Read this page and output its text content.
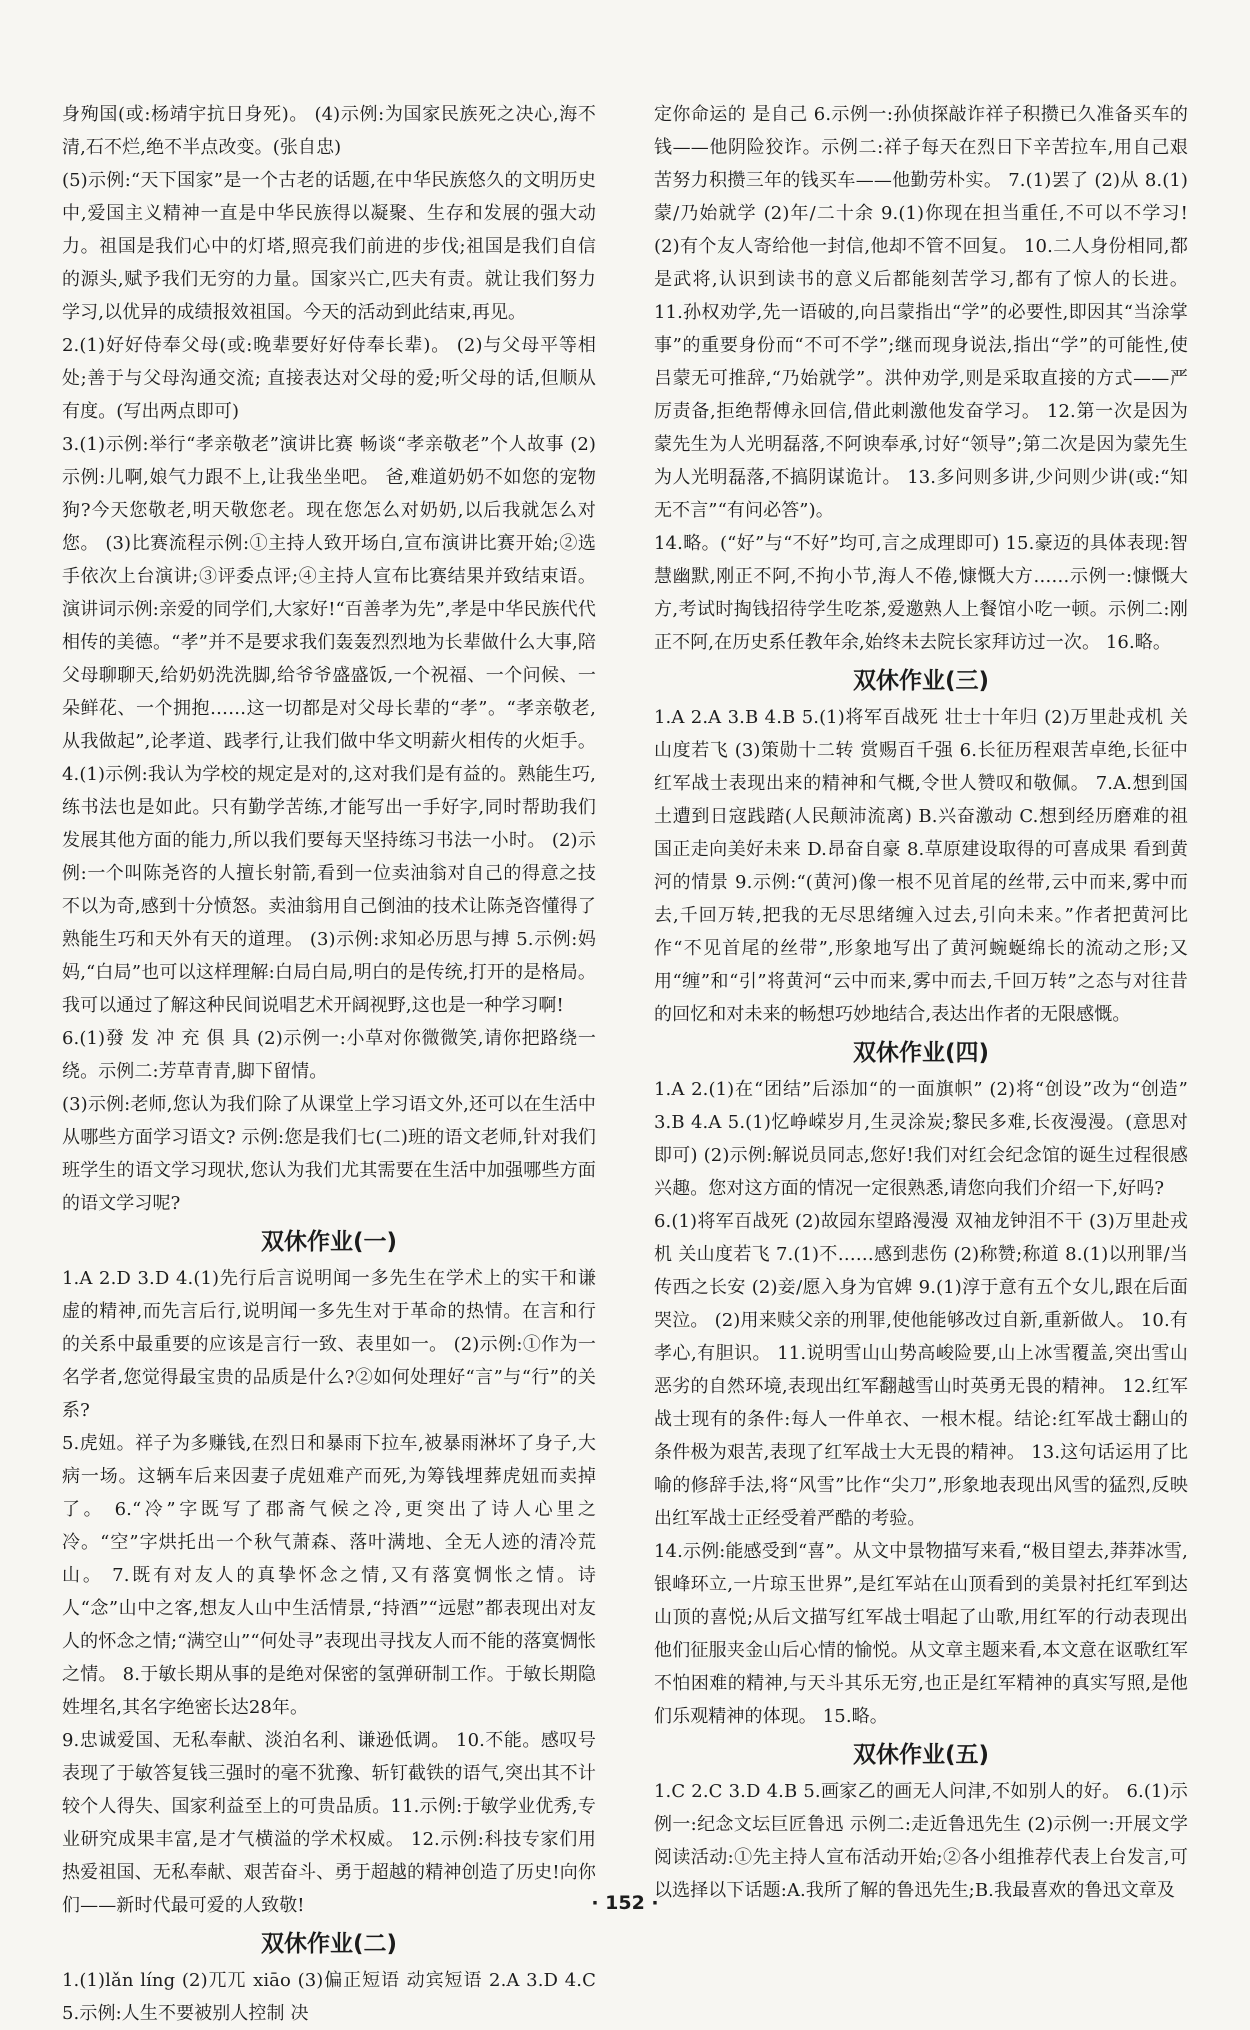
身殉国(或:杨靖宇抗日身死)。 (4)示例:为国家民族死之决心,海不清,石不烂,绝不半点改变。(张自忠)

(5)示例:“天下国家”是一个古老的话题,在中华民族悠久的文明历史中,爱国主义精神一直是中华民族得以凝聚、生存和发展的强大动力。祖国是我们心中的灯塔,照亮我们前进的步伐;祖国是我们自信的源头,赋予我们无穷的力量。国家兴亡,匹夫有责。就让我们努力学习,以优异的成绩报效祖国。今天的活动到此结束,再见。

2.(1)好好侍奉父母(或:晚辈要好好侍奉长辈)。 (2)与父母平等相处;善于与父母沟通交流; 直接表达对父母的爱;听父母的话,但顺从有度。(写出两点即可)

3.(1)示例:举行“孝亲敬老”演讲比赛 畅谈“孝亲敬老”个人故事 (2)示例:儿啊,娘气力跟不上,让我坐坐吧。 爸,难道奶奶不如您的宠物狗?今天您敬老,明天敬您老。现在您怎么对奶奶,以后我就怎么对您。 (3)比赛流程示例:①主持人致开场白,宣布演讲比赛开始;②选手依次上台演讲;③评委点评;④主持人宣布比赛结果并致结束语。演讲词示例:亲爱的同学们,大家好!“百善孝为先”,孝是中华民族代代相传的美德。“孝”并不是要求我们轰轰烈烈地为长辈做什么大事,陪父母聊聊天,给奶奶洗洗脚,给爷爷盛盛饭,一个祝福、一个问候、一朵鲜花、一个拥抱……这一切都是对父母长辈的“孝”。“孝亲敬老,从我做起”,论孝道、践孝行,让我们做中华文明薪火相传的火炬手。 4.(1)示例:我认为学校的规定是对的,这对我们是有益的。熟能生巧,练书法也是如此。只有勤学苦练,才能写出一手好字,同时帮助我们发展其他方面的能力,所以我们要每天坚持练习书法一小时。 (2)示例:一个叫陈尧咨的人擅长射箭,看到一位卖油翁对自己的得意之技不以为奇,感到十分愤怒。卖油翁用自己倒油的技术让陈尧咨懂得了熟能生巧和天外有天的道理。 (3)示例:求知必历思与搏 5.示例:妈妈,“白局”也可以这样理解:白局白局,明白的是传统,打开的是格局。我可以通过了解这种民间说唱艺术开阔视野,这也是一种学习啊!

6.(1)發 发 冲 充 俱 具 (2)示例一:小草对你微微笑,请你把路绕一绕。示例二:芳草青青,脚下留情。

(3)示例:老师,您认为我们除了从课堂上学习语文外,还可以在生活中从哪些方面学习语文? 示例:您是我们七(二)班的语文老师,针对我们班学生的语文学习现状,您认为我们尤其需要在生活中加强哪些方面的语文学习呢?

双休作业(一)

1.A 2.D 3.D 4.(1)先行后言说明闻一多先生在学术上的实干和谦虚的精神,而先言后行,说明闻一多先生对于革命的热情。在言和行的关系中最重要的应该是言行一致、表里如一。 (2)示例:①作为一名学者,您觉得最宝贵的品质是什么?②如何处理好“言”与“行”的关系?

5.虎妞。祥子为多赚钱,在烈日和暴雨下拉车,被暴雨淋坏了身子,大病一场。这辆车后来因妻子虎妞难产而死,为筹钱埋葬虎妞而卖掉了。 6.“冷”字既写了郡斋气候之冷,更突出了诗人心里之冷。“空”字烘托出一个秋气萧森、落叶满地、全无人迹的清冷荒山。 7.既有对友人的真挚怀念之情,又有落寞惆怅之情。诗人“念”山中之客,想友人山中生活情景,“持酒”“远慰”都表现出对友人的怀念之情;“满空山”“何处寻”表现出寻找友人而不能的落寞惆怅之情。 8.于敏长期从事的是绝对保密的氢弹研制工作。于敏长期隐姓埋名,其名字绝密长达28年。

9.忠诚爱国、无私奉献、淡泊名利、谦逊低调。 10.不能。感叹号表现了于敏答复钱三强时的毫不犹豫、斩钉截铁的语气,突出其不计较个人得失、国家利益至上的可贵品质。11.示例:于敏学业优秀,专业研究成果丰富,是才气横溢的学术权威。 12.示例:科技专家们用热爱祖国、无私奉献、艰苦奋斗、勇于超越的精神创造了历史!向你们——新时代最可爱的人致敬!

双休作业(二)

1.(1)lǎn líng (2)兀兀 xiāo (3)偏正短语 动宾短语 2.A 3.D 4.C 5.示例:人生不要被别人控制 决

定你命运的 是自己 6.示例一:孙侦探敲诈祥子积攒已久准备买车的钱——他阴险狡诈。示例二:祥子每天在烈日下辛苦拉车,用自己艰苦努力积攒三年的钱买车——他勤劳朴实。 7.(1)罢了 (2)从 8.(1)蒙/乃始就学 (2)年/二十余 9.(1)你现在担当重任,不可以不学习! (2)有个友人寄给他一封信,他却不管不回复。 10.二人身份相同,都是武将,认识到读书的意义后都能刻苦学习,都有了惊人的长进。 11.孙权劝学,先一语破的,向吕蒙指出“学”的必要性,即因其“当涂掌事”的重要身份而“不可不学”;继而现身说法,指出“学”的可能性,使吕蒙无可推辞,“乃始就学”。洪仲劝学,则是采取直接的方式——严厉责备,拒绝帮傅永回信,借此刺激他发奋学习。 12.第一次是因为蒙先生为人光明磊落,不阿谀奉承,讨好“领导”;第二次是因为蒙先生为人光明磊落,不搞阴谋诡计。 13.多问则多讲,少问则少讲(或:“知无不言”“有问必答”)。

14.略。(“好”与“不好”均可,言之成理即可) 15.豪迈的具体表现:智慧幽默,刚正不阿,不拘小节,海人不倦,慷慨大方……示例一:慷慨大方,考试时掏钱招待学生吃茶,爱邀熟人上餐馆小吃一顿。示例二:刚正不阿,在历史系任教年余,始终未去院长家拜访过一次。 16.略。

双休作业(三)

1.A 2.A 3.B 4.B 5.(1)将军百战死 壮士十年归 (2)万里赴戎机 关山度若飞 (3)策勋十二转 赏赐百千强 6.长征历程艰苦卓绝,长征中红军战士表现出来的精神和气概,令世人赞叹和敬佩。 7.A.想到国土遭到日寇践踏(人民颠沛流离) B.兴奋激动 C.想到经历磨难的祖国正走向美好未来 D.昂奋自豪 8.草原建设取得的可喜成果 看到黄河的情景 9.示例:“(黄河)像一根不见首尾的丝带,云中而来,雾中而去,千回万转,把我的无尽思绪缠入过去,引向未来。”作者把黄河比作“不见首尾的丝带”,形象地写出了黄河蜿蜒绵长的流动之形;又用“缠”和“引”将黄河“云中而来,雾中而去,千回万转”之态与对往昔的回忆和对未来的畅想巧妙地结合,表达出作者的无限感慨。

双休作业(四)

1.A 2.(1)在“团结”后添加“的一面旗帜” (2)将“创设”改为“创造” 3.B 4.A 5.(1)忆峥嵘岁月,生灵涂炭;黎民多难,长夜漫漫。(意思对即可) (2)示例:解说员同志,您好!我们对红会纪念馆的诞生过程很感兴趣。您对这方面的情况一定很熟悉,请您向我们介绍一下,好吗?

6.(1)将军百战死 (2)故园东望路漫漫 双袖龙钟泪不干 (3)万里赴戎机 关山度若飞 7.(1)不……感到悲伤 (2)称赞;称道 8.(1)以刑罪/当传西之长安 (2)妾/愿入身为官婢 9.(1)淳于意有五个女儿,跟在后面哭泣。 (2)用来赎父亲的刑罪,使他能够改过自新,重新做人。 10.有孝心,有胆识。 11.说明雪山山势高峻险要,山上冰雪覆盖,突出雪山恶劣的自然环境,表现出红军翻越雪山时英勇无畏的精神。 12.红军战士现有的条件:每人一件单衣、一根木棍。结论:红军战士翻山的条件极为艰苦,表现了红军战士大无畏的精神。 13.这句话运用了比喻的修辞手法,将“风雪”比作“尖刀”,形象地表现出风雪的猛烈,反映出红军战士正经受着严酷的考验。

14.示例:能感受到“喜”。从文中景物描写来看,“极目望去,莽莽冰雪,银峰环立,一片琼玉世界”,是红军站在山顶看到的美景衬托红军到达山顶的喜悦;从后文描写红军战士唱起了山歌,用红军的行动表现出他们征服夹金山后心情的愉悦。从文章主题来看,本文意在讴歌红军不怕困难的精神,与天斗其乐无穷,也正是红军精神的真实写照,是他们乐观精神的体现。 15.略。

双休作业(五)

1.C 2.C 3.D 4.B 5.画家乙的画无人问津,不如别人的好。 6.(1)示例一:纪念文坛巨匠鲁迅 示例二:走近鲁迅先生 (2)示例一:开展文学阅读活动:①先主持人宣布活动开始;②各小组推荐代表上台发言,可以选择以下话题:A.我所了解的鲁迅先生;B.我最喜欢的鲁迅文章及

· 152 ·
